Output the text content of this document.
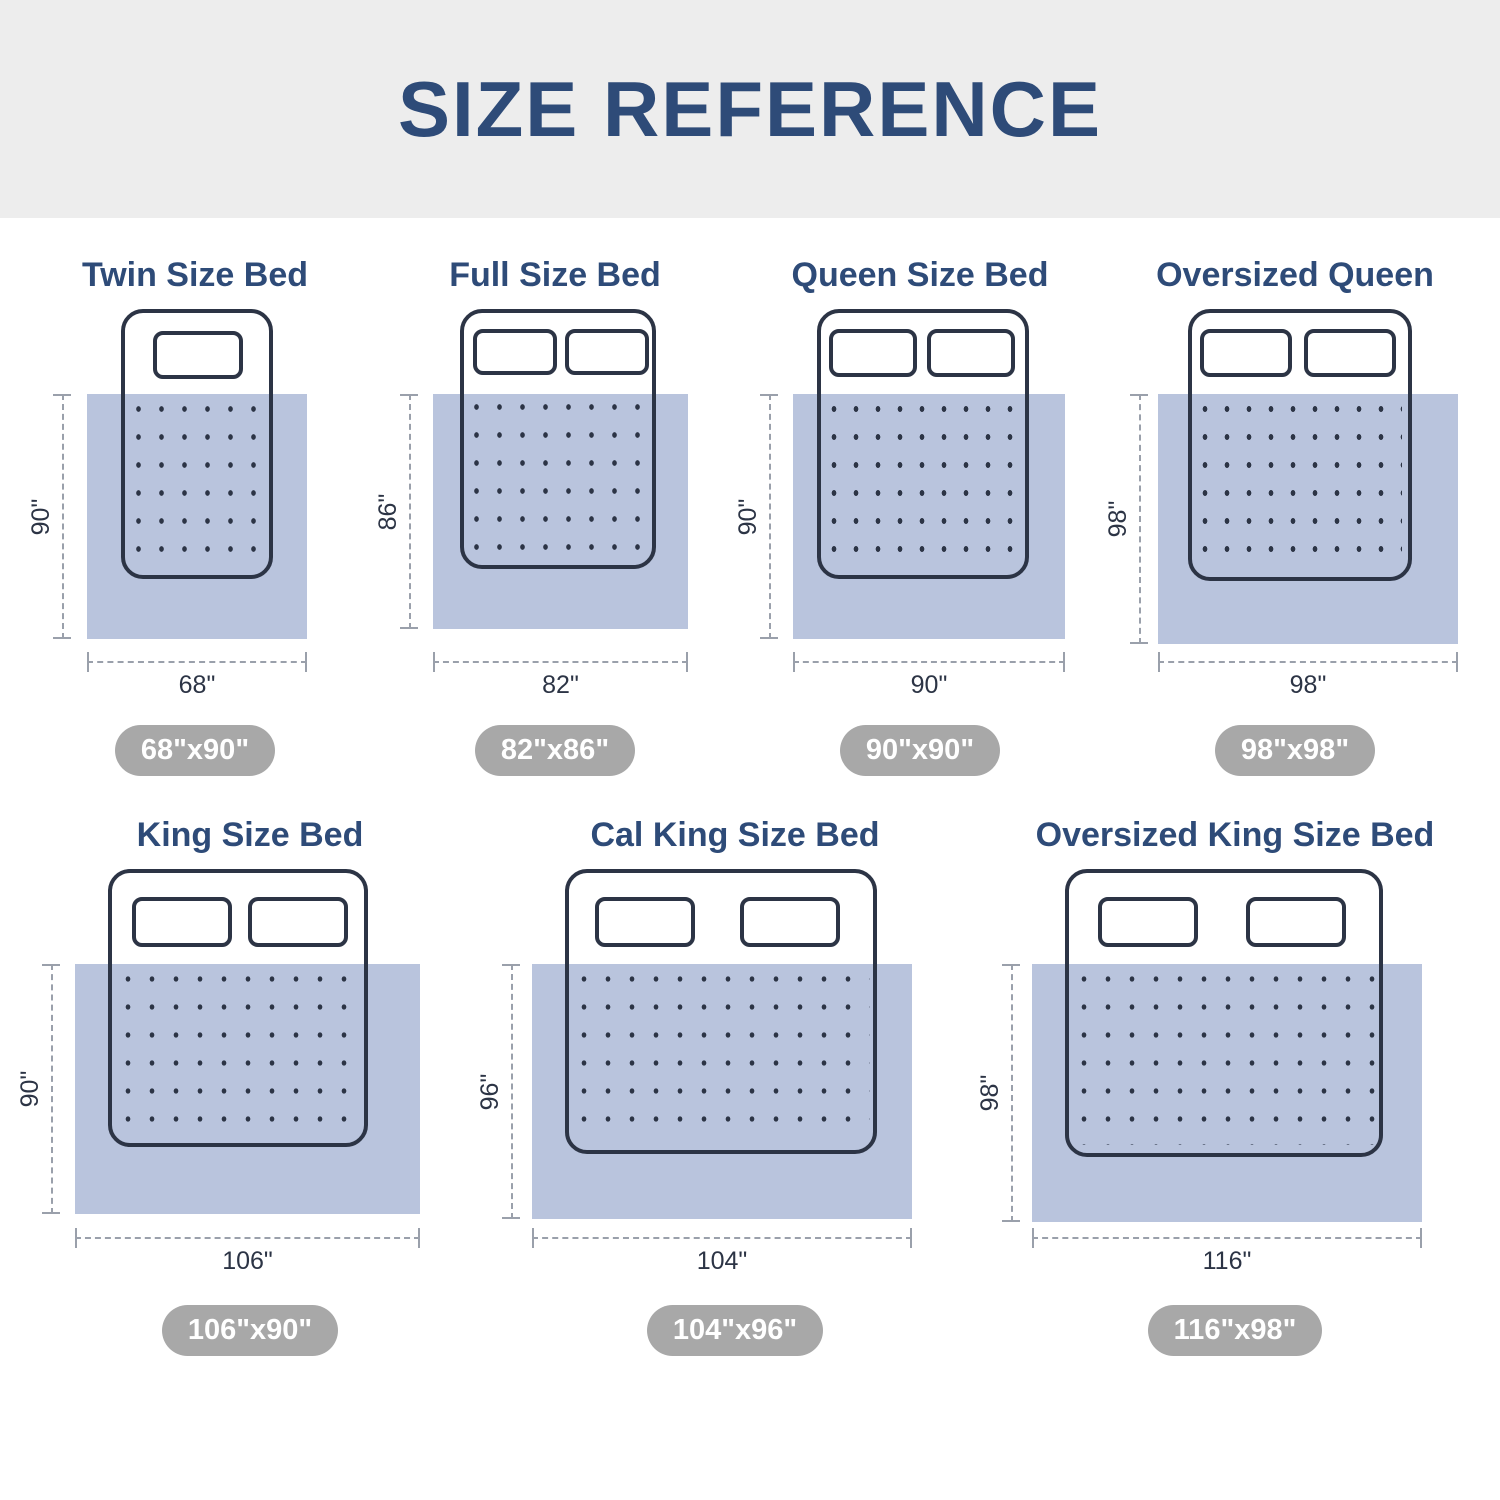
SIZE REFERENCE
Twin Size Bed
90"
68"
68"x90"
Full Size Bed
86"
82"
82"x86"
Queen Size Bed
90"
90"
90"x90"
Oversized Queen
98"
98"
98"x98"
King Size Bed
90"
106"
106"x90"
Cal King Size Bed
96"
104"
104"x96"
Oversized King Size Bed
98"
116"
116"x98"
